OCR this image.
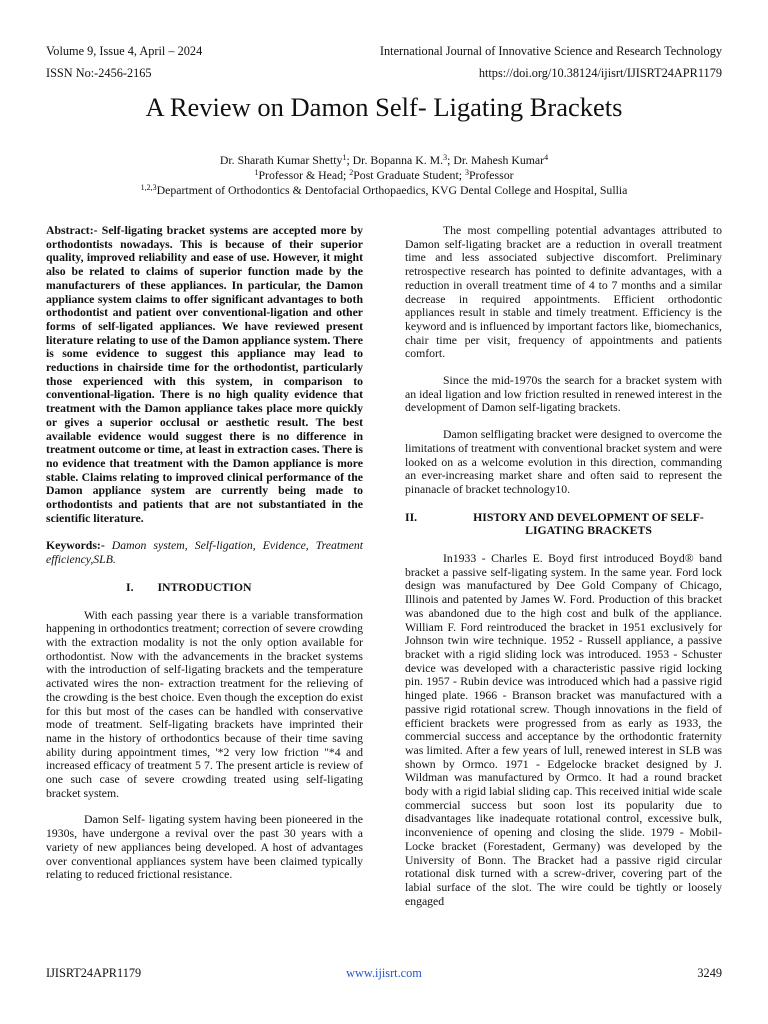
Volume 9, Issue 4, April – 2024	International Journal of Innovative Science and Research Technology
ISSN No:-2456-2165	https://doi.org/10.38124/ijisrt/IJISRT24APR1179
A Review on Damon Self- Ligating Brackets
Dr. Sharath Kumar Shetty$^1$; Dr. Bopanna K. M.$^3$; Dr. Mahesh Kumar$^4$
$^1$Professor & Head; $^2$Post Graduate Student; $^3$Professor
$^{1,2,3}$Department of Orthodontics & Dentofacial Orthopaedics, KVG Dental College and Hospital, Sullia

Abstract:- Self-ligating bracket systems are accepted more by orthodontists nowadays. This is because of their superior quality, improved reliability and ease of use. However, it might also be related to claims of superior function made by the manufacturers of these appliances. In particular, the Damon appliance system claims to offer significant advantages to both orthodontist and patient over conventional-ligation and other forms of self-ligated appliances. We have reviewed present literature relating to use of the Damon appliance system. There is some evidence to suggest this appliance may lead to reductions in chairside time for the orthodontist, particularly those experienced with this system, in comparison to conventional-ligation. There is no high quality evidence that treatment with the Damon appliance takes place more quickly or gives a superior occlusal or aesthetic result. The best available evidence would suggest there is no difference in treatment outcome or time, at least in extraction cases. There is no evidence that treatment with the Damon appliance is more stable. Claims relating to improved clinical performance of the Damon appliance system are currently being made to orthodontists and patients that are not substantiated in the scientific literature.

Keywords:- Damon system, Self-ligation, Evidence, Treatment efficiency,SLB.

I. INTRODUCTION

With each passing year there is a variable transformation happening in orthodontics treatment; correction of severe crowding with the extraction modality is not the only option available for orthodontist. Now with the advancements in the bracket systems with the introduction of self-ligating brackets and the temperature activated wires the non- extraction treatment for the relieving of the crowding is the best choice. Even though the exception do exist for this but most of the cases can be handled with conservative mode of treatment. Self-ligating brackets have imprinted their name in the history of orthodontics because of their time saving ability during appointment times, '*2 very low friction "*4 and increased efficacy of treatment 5 7. The present article is review of one such case of severe crowding treated using self-ligating bracket system.

Damon Self- ligating system having been pioneered in the 1930s, have undergone a revival over the past 30 years with a variety of new appliances being developed. A host of advantages over conventional appliances system have been claimed typically relating to reduced frictional resistance.

The most compelling potential advantages attributed to Damon self-ligating bracket are a reduction in overall treatment time and less associated subjective discomfort. Preliminary retrospective research has pointed to definite advantages, with a reduction in overall treatment time of 4 to 7 months and a similar decrease in required appointments. Efficient orthodontic appliances result in stable and timely treatment. Efficiency is the keyword and is influenced by important factors like, biomechanics, chair time per visit, frequency of appointments and patients comfort.

Since the mid-1970s the search for a bracket system with an ideal ligation and low friction resulted in renewed interest in the development of Damon self-ligating brackets.

Damon selfligating bracket were designed to overcome the limitations of treatment with conventional bracket system and were looked on as a welcome evolution in this direction, commanding an ever-increasing market share and often said to represent the pinanacle of bracket technology10.

II.	HISTORY AND DEVELOPMENT OF SELF-LIGATING BRACKETS

In1933 - Charles E. Boyd first introduced Boyd® band bracket a passive self-ligating system. In the same year. Ford lock design was manufactured by Dee Gold Company of Chicago, Illinois and patented by James W. Ford. Production of this bracket was abandoned due to the high cost and bulk of the appliance. William F. Ford reintroduced the bracket in 1951 exclusively for Johnson twin wire technique. 1952 - Russell appliance, a passive bracket with a rigid sliding lock was introduced. 1953 - Schuster device was developed with a characteristic passive rigid locking pin. 1957 - Rubin device was introduced which had a passive rigid hinged plate. 1966 - Branson bracket was manufactured with a passive rigid rotational screw. Though innovations in the field of efficient brackets were progressed from as early as 1933, the commercial success and acceptance by the orthodontic fraternity was limited. After a few years of lull, renewed interest in SLB was shown by Ormco. 1971 - Edgelocke bracket designed by J. Wildman was manufactured by Ormco. It had a round bracket body with a rigid labial sliding cap. This received initial wide scale commercial success but soon lost its popularity due to disadvantages like inadequate rotational control, excessive bulk, inconvenience of opening and closing the slide. 1979 - Mobil-Locke bracket (Forestadent, Germany) was developed by the University of Bonn. The Bracket had a passive rigid circular rotational disk turned with a screw-driver, covering part of the labial surface of the slot. The wire could be tightly or loosely engaged

IJISRT24APR1179	www.ijisrt.com	3249
